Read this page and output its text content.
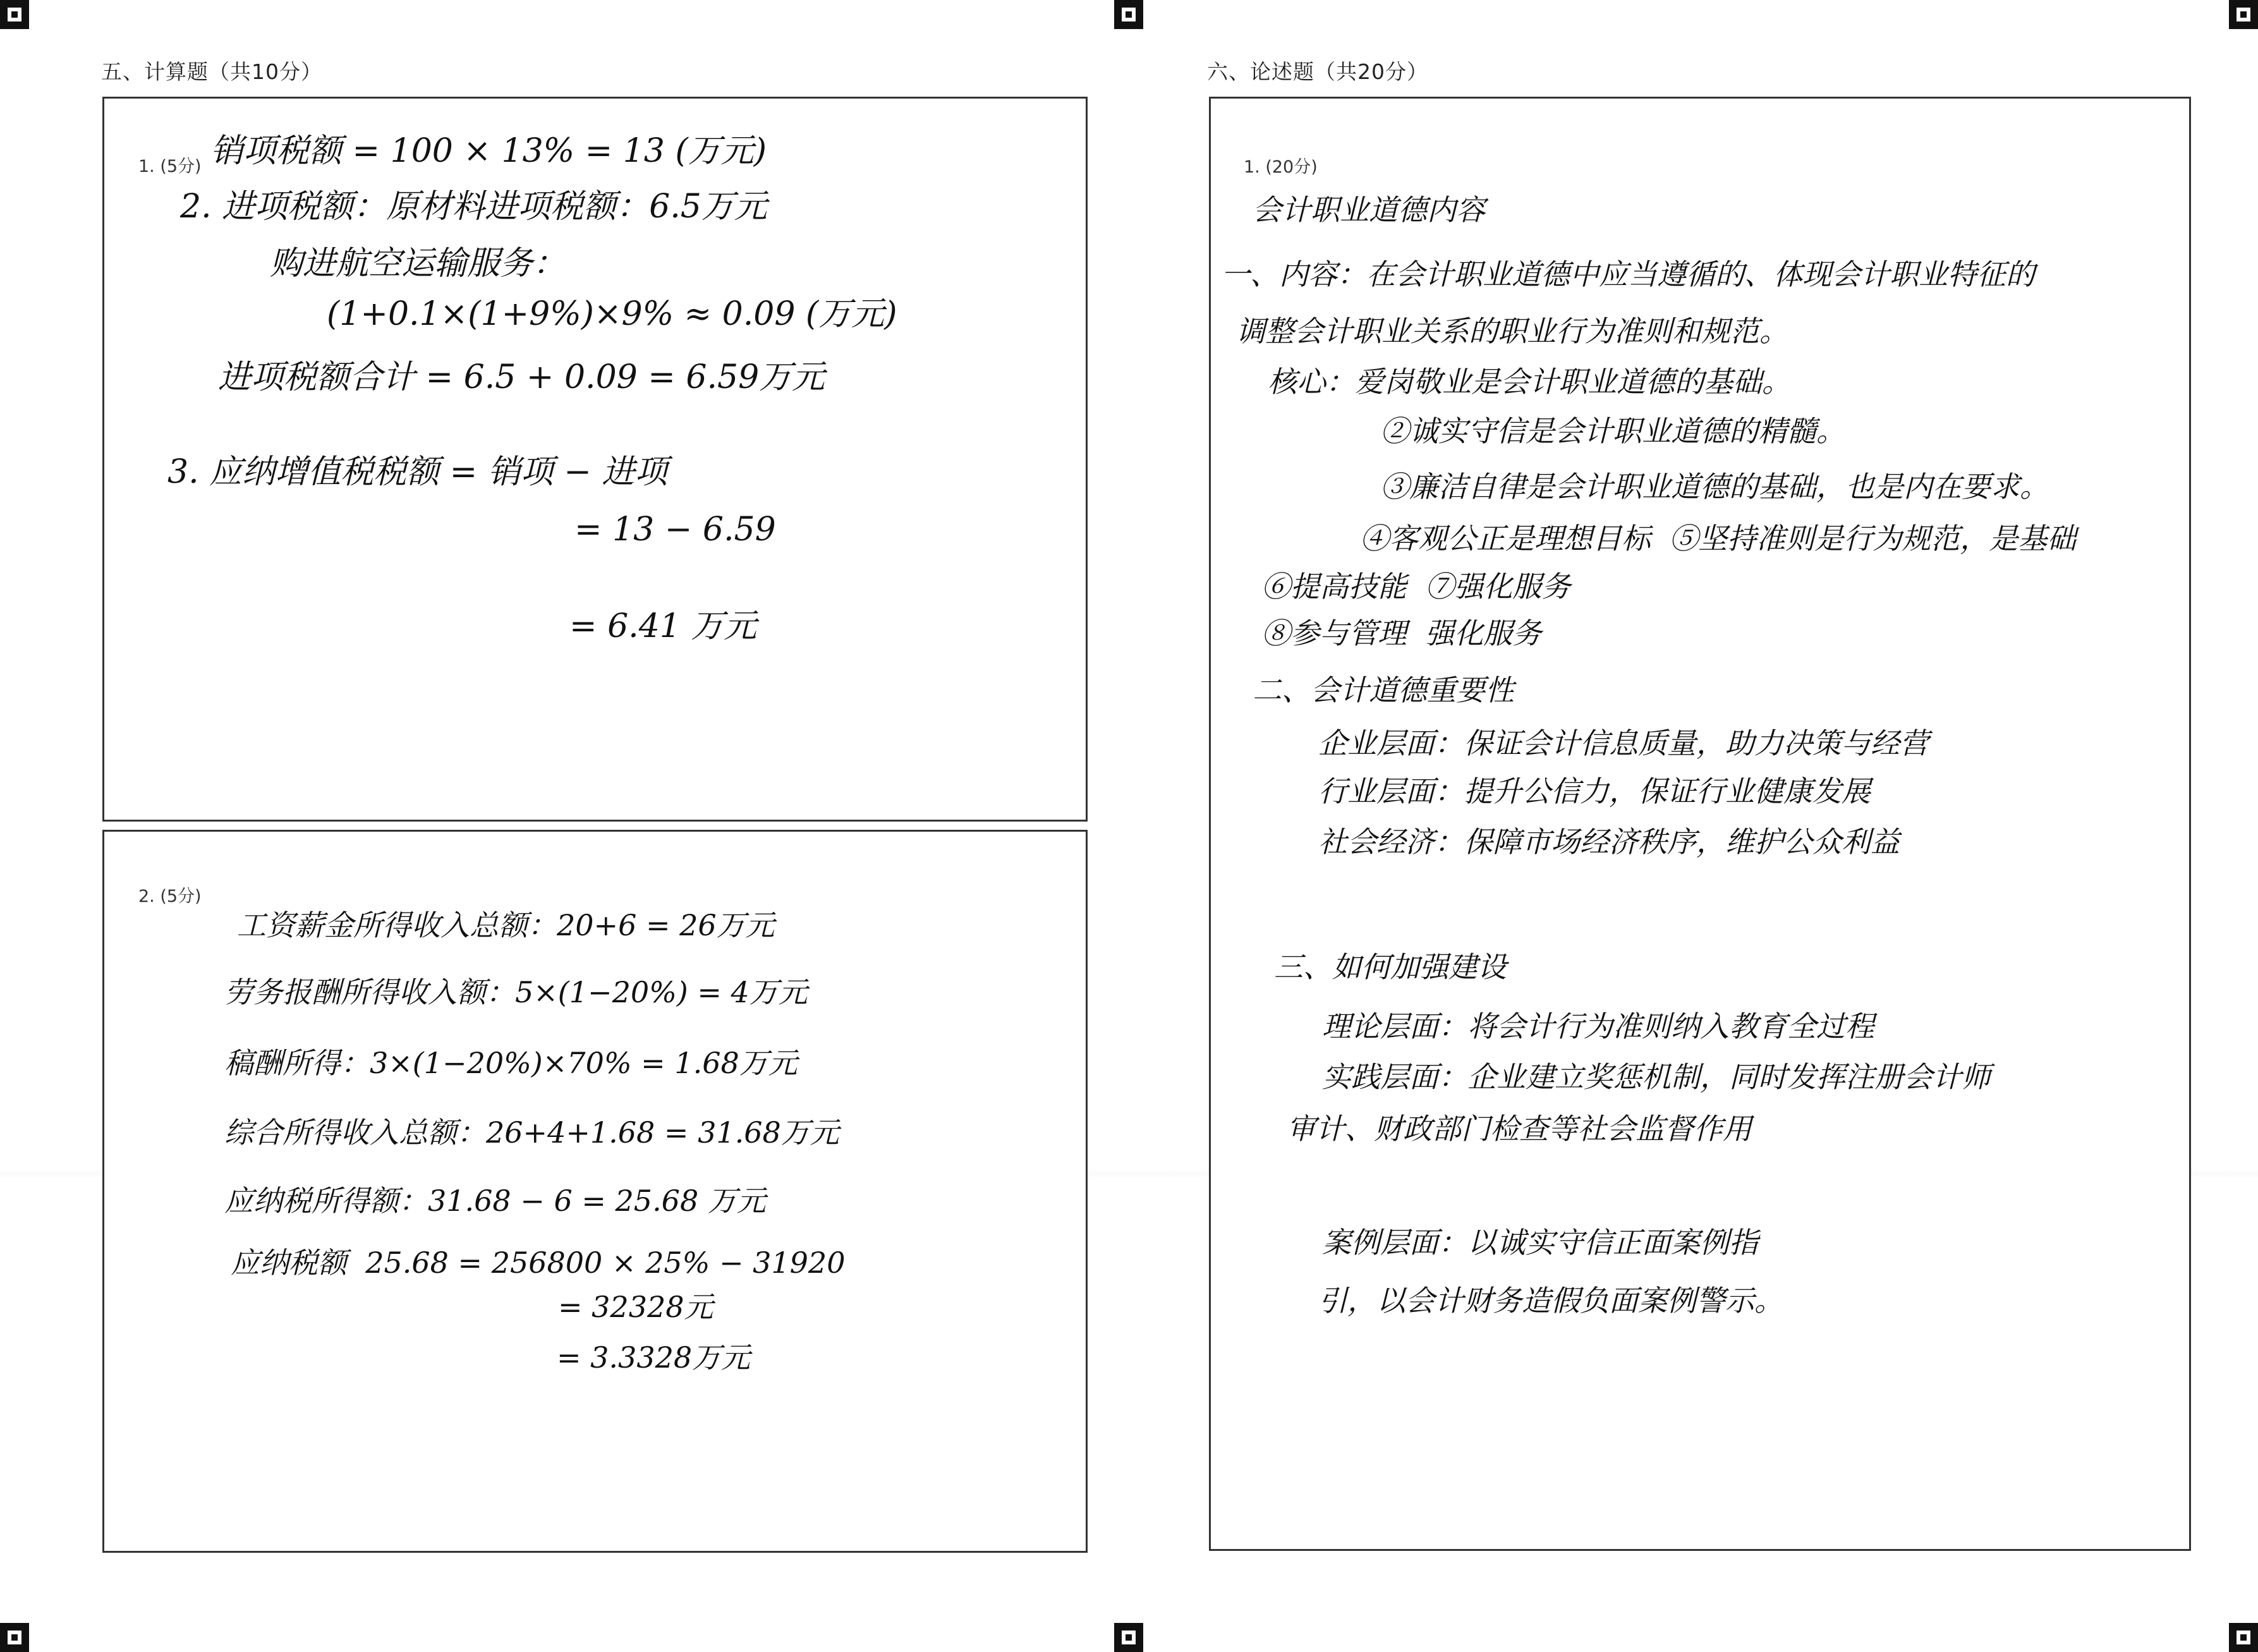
五、计算题（共10分）
1. (5分) 销项税额 = 100 × 13% = 13 (万元)
2. 进项税额：原材料进项税额：6.5万元
购进航空运输服务：
(1+0.1×(1+9%)×9% ≈ 0.09 (万元)
进项税额合计 = 6.5 + 0.09 = 6.59万元
3. 应纳增值税税额 = 销项 − 进项
= 13 − 6.59
= 6.41 万元
2. (5分)
工资薪金所得收入总额：20+6 = 26万元
劳务报酬所得收入额：5×(1−20%) = 4万元
稿酬所得：3×(1−20%)×70% = 1.68万元
综合所得收入总额：26+4+1.68 = 31.68万元
应纳税所得额：31.68 − 6 = 25.68 万元
应纳税额  25.68 = 256800 × 25% − 31920
= 32328元
= 3.3328万元
六、论述题（共20分）
1. (20分)
会计职业道德内容
一、内容：在会计职业道德中应当遵循的、体现会计职业特征的
调整会计职业关系的职业行为准则和规范。
核心：爱岗敬业是会计职业道德的基础。
②诚实守信是会计职业道德的精髓。
③廉洁自律是会计职业道德的基础，也是内在要求。
④客观公正是理想目标  ⑤坚持准则是行为规范，是基础
⑥提高技能  ⑦强化服务
⑧参与管理  强化服务
二、会计道德重要性
企业层面：保证会计信息质量，助力决策与经营
行业层面：提升公信力，保证行业健康发展
社会经济：保障市场经济秩序，维护公众利益
三、如何加强建设
理论层面：将会计行为准则纳入教育全过程
实践层面：企业建立奖惩机制，同时发挥注册会计师
审计、财政部门检查等社会监督作用
案例层面：以诚实守信正面案例指
引，以会计财务造假负面案例警示。
